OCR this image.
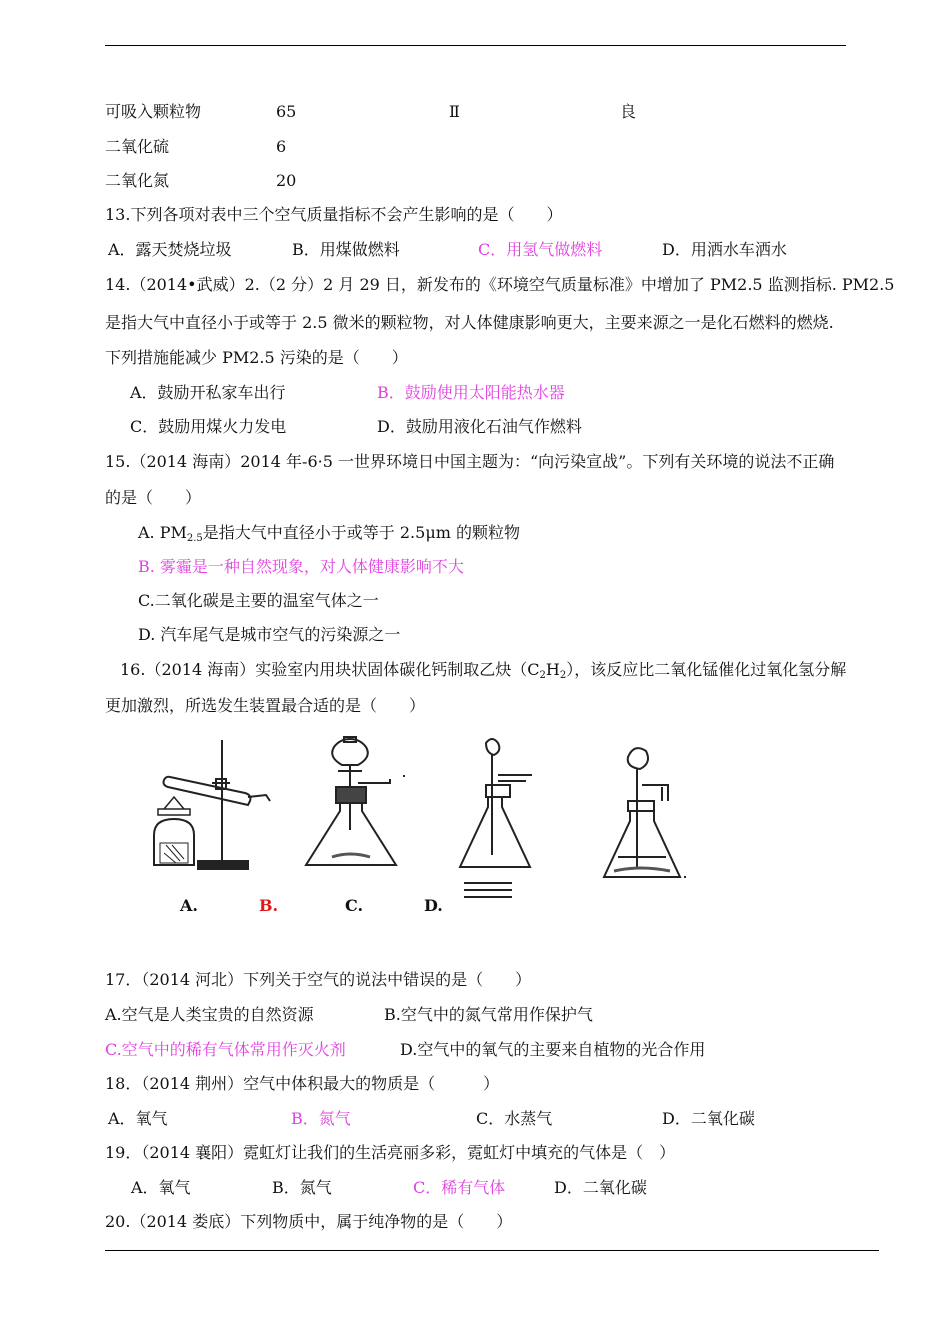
可吸入颗粒物	65	Ⅱ	良
二氧化硫	6
二氧化氮	20
13.下列各项对表中三个空气质量指标不会产生影响的是（　　）
A．露天焚烧垃圾	B．用煤做燃料	C．用氢气做燃料	D．用洒水车洒水
14.（2014•武威）2.（2 分）2 月 29 日，新发布的《环境空气质量标准》中增加了 PM2.5 监测指标. PM2.5
是指大气中直径小于或等于 2.5 微米的颗粒物，对人体健康影响更大，主要来源之一是化石燃料的燃烧.
下列措施能减少 PM2.5 污染的是（　　）
A．鼓励开私家车出行	B．鼓励使用太阳能热水器
C．鼓励用煤火力发电	D．鼓励用液化石油气作燃料
15.（2014 海南）2014 年-6·5 一世界环境日中国主题为：“向污染宣战”。下列有关环境的说法不正确
的是（　　）
A. $PM_{2.5}$是指大气中直径小于或等于 2.5μm 的颗粒物
B. 雾霾是一种自然现象，对人体健康影响不大
C.二氧化碳是主要的温室气体之一
D. 汽车尾气是城市空气的污染源之一
16.（2014 海南）实验室内用块状固体碳化钙制取乙炔$(C_2H_2)$，该反应比二氧化锰催化过氧化氢分解
更加激烈，所选发生装置最合适的是（　　）
A.	B.	C.	D.
17．（2014 河北）下列关于空气的说法中错误的是（　　）
A.空气是人类宝贵的自然资源	B.空气中的氮气常用作保护气
C.空气中的稀有气体常用作灭火剂	D.空气中的氧气的主要来自植物的光合作用
18．（2014 荆州）空气中体积最大的物质是（　　　）
A．氧气	B．氮气	C．水蒸气	D．二氧化碳
19．（2014 襄阳）霓虹灯让我们的生活亮丽多彩，霓虹灯中填充的气体是（　）
A．氧气	B．氮气	C．稀有气体	D．二氧化碳
20.（2014 娄底）下列物质中，属于纯净物的是（　　）
